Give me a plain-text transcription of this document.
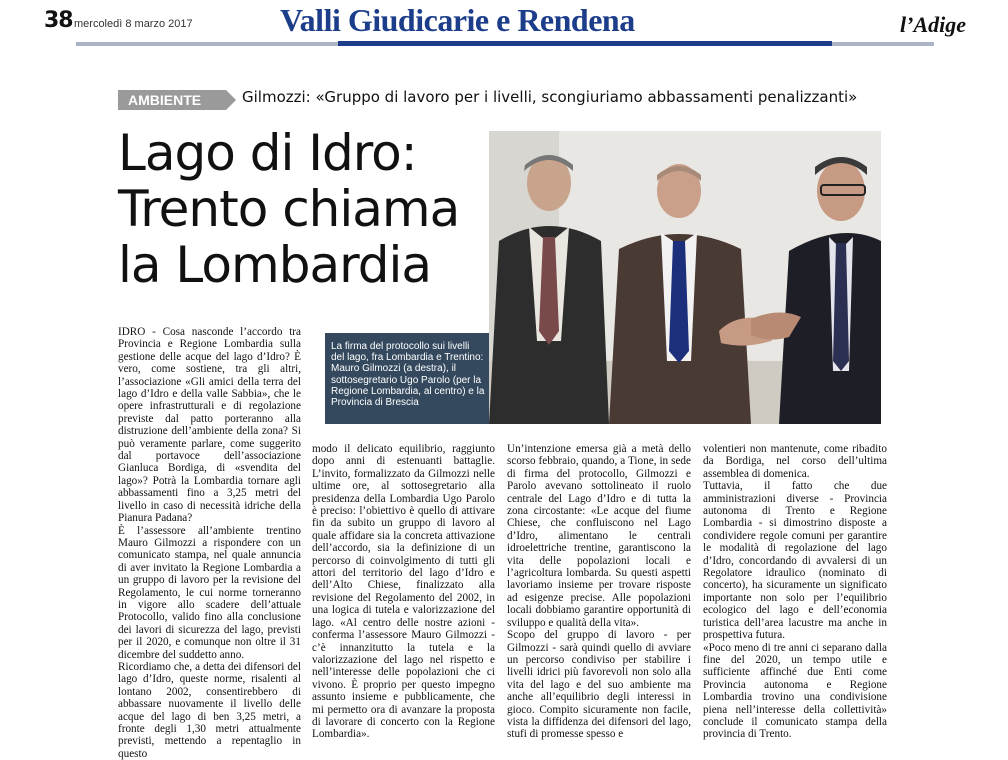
38 mercoledì 8 marzo 2017	Valli Giudicarie e Rendena	l’Adige
AMBIENTE	Gilmozzi: «Gruppo di lavoro per i livelli, scongiuriamo abbassamenti penalizzanti»
Lago di Idro:
Trento chiama
la Lombardia
La firma del protocollo sui livelli del lago, fra Lombardia e Trentino: Mauro Gilmozzi (a destra), il sottosegretario Ugo Parolo (per la Regione Lombardia, al centro) e la Provincia di Brescia

IDRO - Cosa nasconde l’accordo tra Provincia e Regione Lombardia sulla gestione delle acque del lago d’Idro? È vero, come sostiene, tra gli altri, l’associazione «Gli amici della terra del lago d’Idro e della valle Sabbia», che le opere infrastrutturali e di regolazione previste dal patto porteranno alla distruzione dell’ambiente della zona? Si può veramente parlare, come suggerito dal portavoce dell’associazione Gianluca Bordiga, di «svendita del lago»? Potrà la Lombardia tornare agli abbassamenti fino a 3,25 metri del livello in caso di necessità idriche della Pianura Padana?

È l’assessore all’ambiente trentino Mauro Gilmozzi a rispondere con un comunicato stampa, nel quale annuncia di aver invitato la Regione Lombardia a un gruppo di lavoro per la revisione del Regolamento, le cui norme torneranno in vigore allo scadere dell’attuale Protocollo, valido fino alla conclusione dei lavori di sicurezza del lago, previsti per il 2020, e comunque non oltre il 31 dicembre del suddetto anno.

Ricordiamo che, a detta dei difensori del lago d’Idro, queste norme, risalenti al lontano 2002, consentirebbero di abbassare nuovamente il livello delle acque del lago di ben 3,25 metri, a fronte degli 1,30 metri attualmente previsti, mettendo a repentaglio in questo

modo il delicato equilibrio, raggiunto dopo anni di estenuanti battaglie. L’invito, formalizzato da Gilmozzi nelle ultime ore, al sottosegretario alla presidenza della Lombardia Ugo Parolo è preciso: l’obiettivo è quello di attivare fin da subito un gruppo di lavoro al quale affidare sia la concreta attivazione dell’accordo, sia la definizione di un percorso di coinvolgimento di tutti gli attori del territorio del lago d’Idro e dell’Alto Chiese, finalizzato alla revisione del Regolamento del 2002, in una logica di tutela e valorizzazione del lago. «Al centro delle nostre azioni - conferma l’assessore Mauro Gilmozzi - c’è innanzitutto la tutela e la valorizzazione del lago nel rispetto e nell’interesse delle popolazioni che ci vivono. È proprio per questo impegno assunto insieme e pubblicamente, che mi permetto ora di avanzare la proposta di lavorare di concerto con la Regione Lombardia».

Un’intenzione emersa già a metà dello scorso febbraio, quando, a Tione, in sede di firma del protocollo, Gilmozzi e Parolo avevano sottolineato il ruolo centrale del Lago d’Idro e di tutta la zona circostante: «Le acque del fiume Chiese, che confluiscono nel Lago d’Idro, alimentano le centrali idroelettriche trentine, garantiscono la vita delle popolazioni locali e l’agricoltura lombarda. Su questi aspetti lavoriamo insieme per trovare risposte ad esigenze precise. Alle popolazioni locali dobbiamo garantire opportunità di sviluppo e qualità della vita».

Scopo del gruppo di lavoro - per Gilmozzi - sarà quindi quello di avviare un percorso condiviso per stabilire i livelli idrici più favorevoli non solo alla vita del lago e del suo ambiente ma anche all’equilibrio degli interessi in gioco. Compito sicuramente non facile, vista la diffidenza dei difensori del lago, stufi di promesse spesso e

volentieri non mantenute, come ribadito da Bordiga, nel corso dell’ultima assemblea di domenica.

Tuttavia, il fatto che due amministrazioni diverse - Provincia autonoma di Trento e Regione Lombardia - si dimostrino disposte a condividere regole comuni per garantire le modalità di regolazione del lago d’Idro, concordando di avvalersi di un Regolatore idraulico (nominato di concerto), ha sicuramente un significato importante non solo per l’equilibrio ecologico del lago e dell’economia turistica dell’area lacustre ma anche in prospettiva futura.

«Poco meno di tre anni ci separano dalla fine del 2020, un tempo utile e sufficiente affinché due Enti come Provincia autonoma e Regione Lombardia trovino una condivisione piena nell’interesse della collettività» conclude il comunicato stampa della provincia di Trento.
